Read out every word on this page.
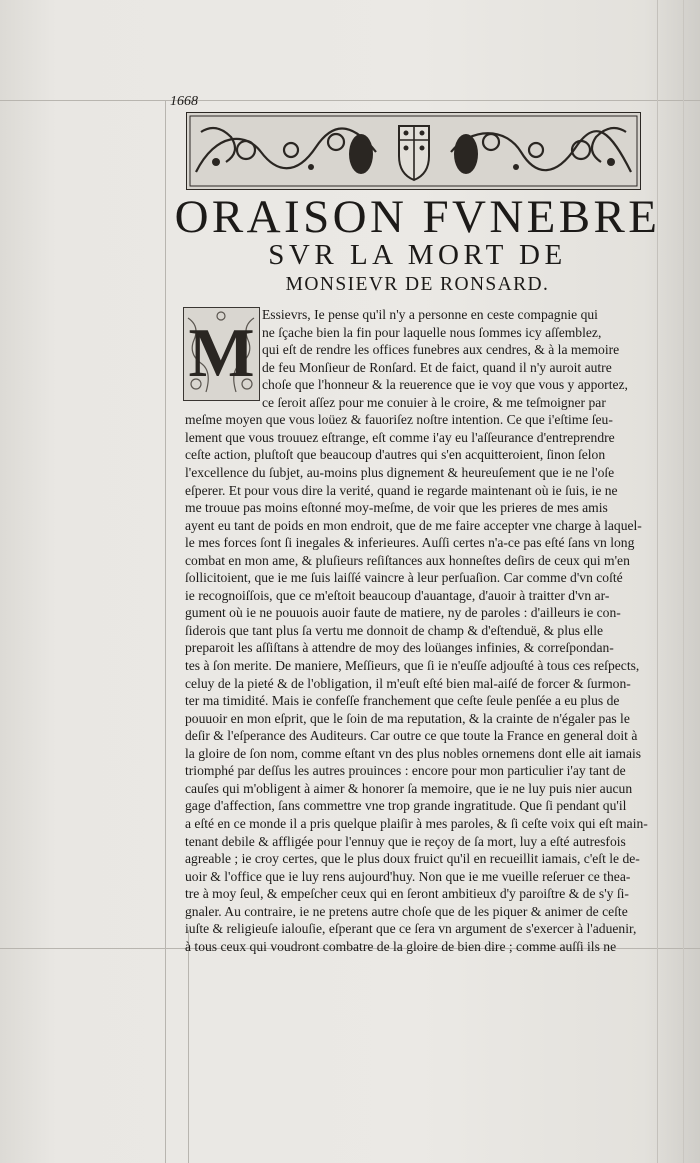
1668
ORAISON FVNEBRE
SVR LA MORT DE
MONSIEVR DE RONSARD.
M
Essievrs, Ie pense qu'il n'y a personne en ceste compagnie qui
ne ſçache bien la fin pour laquelle nous ſommes icy aſſemblez,
qui eſt de rendre les offices funebres aux cendres, & à la memoire
de feu Monſieur de Ronſard. Et de faict, quand il n'y auroit autre
choſe que l'honneur & la reuerence que ie voy que vous y apportez,
ce ſeroit aſſez pour me conuier à le croire, & me teſmoigner par
meſme moyen que vous loüez & fauoriſez noſtre intention. Ce que i'eſtime ſeu-
lement que vous trouuez eſtrange, eſt comme i'ay eu l'aſſeurance d'entreprendre
ceſte action, pluſtoſt que beaucoup d'autres qui s'en acquitteroient, ſinon ſelon
l'excellence du ſubjet, au-moins plus dignement & heureuſement que ie ne l'oſe
eſperer. Et pour vous dire la verité, quand ie regarde maintenant où ie ſuis, ie ne
me trouue pas moins eſtonné moy-meſme, de voir que les prieres de mes amis
ayent eu tant de poids en mon endroit, que de me faire accepter vne charge à laquel-
le mes forces ſont ſi inegales & inferieures. Auſſi certes n'a-ce pas eſté ſans vn long
combat en mon ame, & pluſieurs reſiſtances aux honneſtes deſirs de ceux qui m'en
ſollicitoient, que ie me ſuis laiſſé vaincre à leur perſuaſion. Car comme d'vn coſté
ie recognoiſſois, que ce m'eſtoit beaucoup d'auantage, d'auoir à traitter d'vn ar-
gument où ie ne pouuois auoir faute de matiere, ny de paroles : d'ailleurs ie con-
ſiderois que tant plus ſa vertu me donnoit de champ & d'eſtenduë, & plus elle
preparoit les aſſiſtans à attendre de moy des loüanges infinies, & correſpondan-
tes à ſon merite. De maniere, Meſſieurs, que ſi ie n'euſſe adjouſté à tous ces reſpects,
celuy de la pieté & de l'obligation, il m'euſt eſté bien mal-aiſé de forcer & ſurmon-
ter ma timidité. Mais ie confeſſe franchement que ceſte ſeule penſée a eu plus de
pouuoir en mon eſprit, que le ſoin de ma reputation, & la crainte de n'égaler pas le
deſir & l'eſperance des Auditeurs. Car outre ce que toute la France en general doit à
la gloire de ſon nom, comme eſtant vn des plus nobles ornemens dont elle ait iamais
triomphé par deſſus les autres prouinces : encore pour mon particulier i'ay tant de
cauſes qui m'obligent à aimer & honorer ſa memoire, que ie ne luy puis nier aucun
gage d'affection, ſans commettre vne trop grande ingratitude. Que ſi pendant qu'il
a eſté en ce monde il a pris quelque plaiſir à mes paroles, & ſi ceſte voix qui eſt main-
tenant debile & affligée pour l'ennuy que ie reçoy de ſa mort, luy a eſté autresfois
agreable ; ie croy certes, que le plus doux fruict qu'il en recueillit iamais, c'eſt le de-
uoir & l'office que ie luy rens aujourd'huy. Non que ie me vueille reſeruer ce thea-
tre à moy ſeul, & empeſcher ceux qui en ſeront ambitieux d'y paroiſtre & de s'y ſi-
gnaler. Au contraire, ie ne pretens autre choſe que de les piquer & animer de ceſte
iuſte & religieuſe ialouſie, eſperant que ce ſera vn argument de s'exercer à l'aduenir,
à tous ceux qui voudront combatre de la gloire de bien dire ; comme auſſi ils ne
